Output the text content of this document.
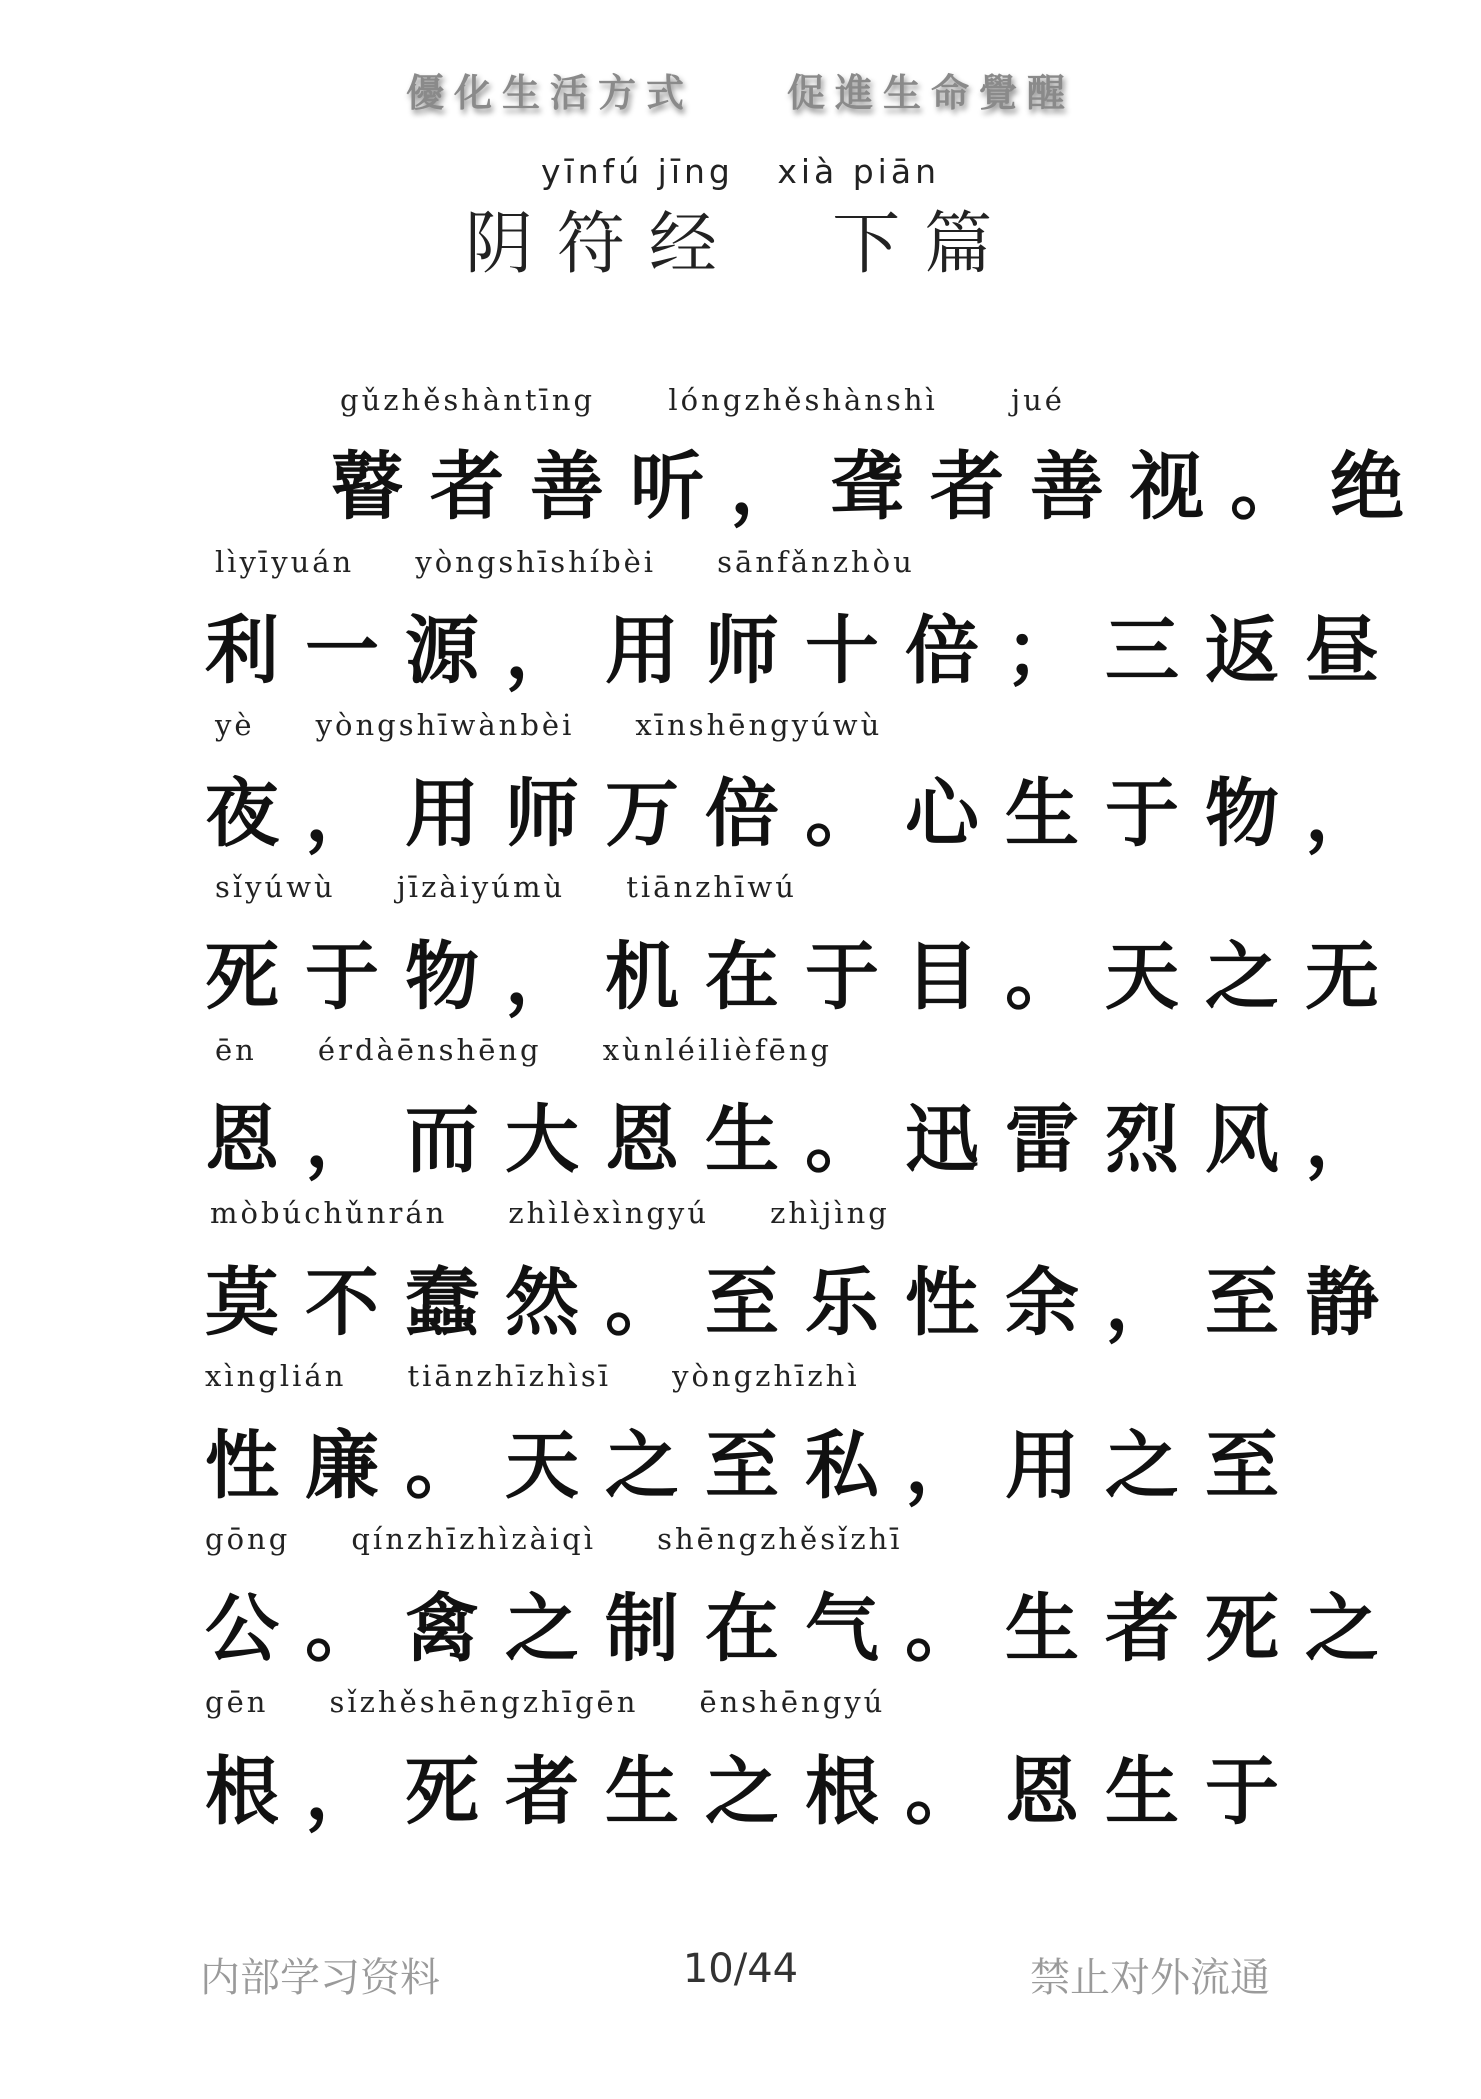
優化生活方式    促進生命覺醒
yīnfú jīng   xià piān
阴符经  下篇
gǔzhěshàntīng      lóngzhěshànshì      jué
瞽者善听，聋者善视。绝
lìyīyuán     yòngshīshíbèi     sānfǎnzhòu
利一源，用师十倍；三返昼
yè     yòngshīwànbèi     xīnshēngyúwù
夜，用师万倍。心生于物，
sǐyúwù     jīzàiyúmù     tiānzhīwú
死于物，机在于目。天之无
ēn     érdàēnshēng     xùnléilièfēng
恩，而大恩生。迅雷烈风，
mòbúchǔnrán     zhìlèxìngyú     zhìjìng
莫不蠢然。至乐性余，至静
xìnglián     tiānzhīzhìsī     yòngzhīzhì
性廉。天之至私，用之至
gōng     qínzhīzhìzàiqì     shēngzhěsǐzhī
公。禽之制在气。生者死之
gēn     sǐzhěshēngzhīgēn     ēnshēngyú
根，死者生之根。恩生于
内部学习资料	10/44	禁止对外流通
